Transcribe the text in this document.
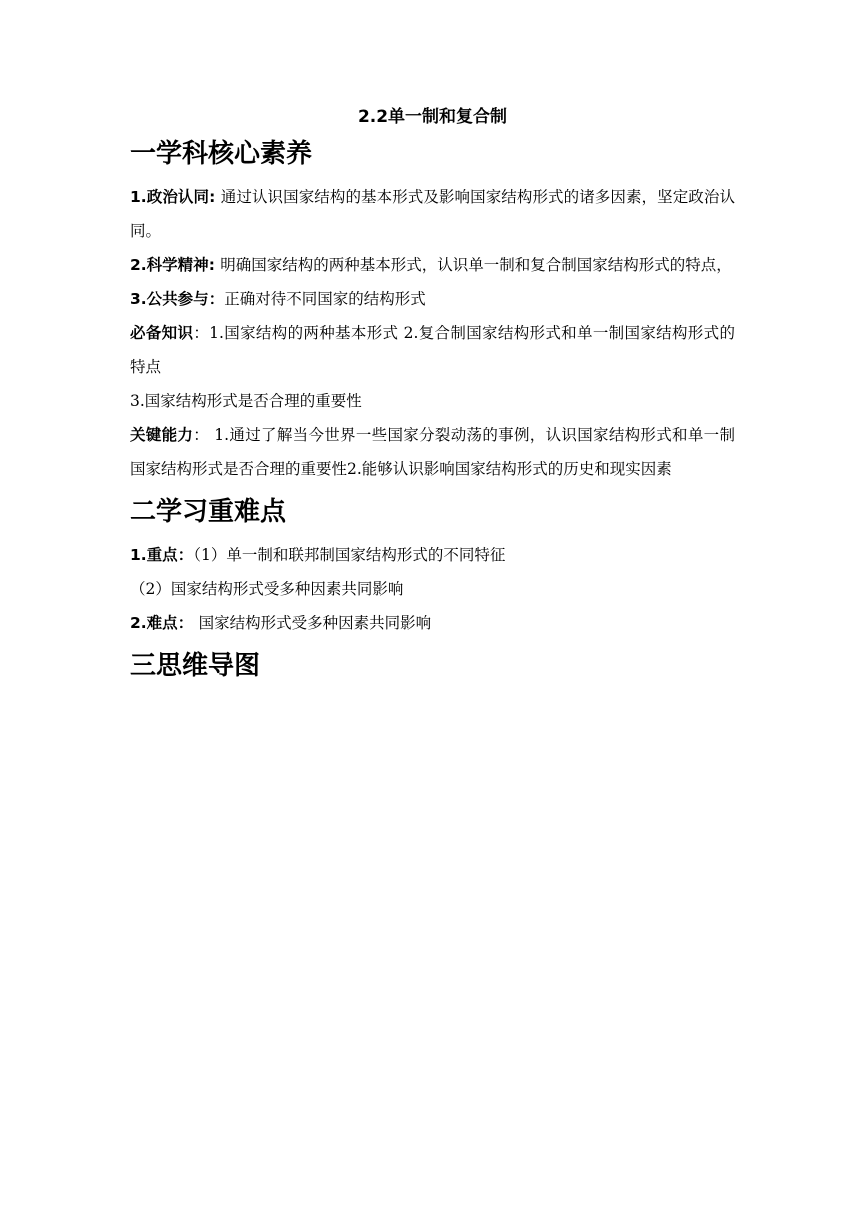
2.2单一制和复合制
一学科核心素养

1.政治认同: 通过认识国家结构的基本形式及影响国家结构形式的诸多因素，坚定政治认同。

2.科学精神: 明确国家结构的两种基本形式，认识单一制和复合制国家结构形式的特点，

3.公共参与：正确对待不同国家的结构形式

必备知识：1.国家结构的两种基本形式 2.复合制国家结构形式和单一制国家结构形式的特点

3.国家结构形式是否合理的重要性

关键能力： 1.通过了解当今世界一些国家分裂动荡的事例，认识国家结构形式和单一制国家结构形式是否合理的重要性2.能够认识影响国家结构形式的历史和现实因素

二学习重难点

1.重点：（1）单一制和联邦制国家结构形式的不同特征

（2）国家结构形式受多种因素共同影响

2.难点： 国家结构形式受多种因素共同影响

三思维导图
